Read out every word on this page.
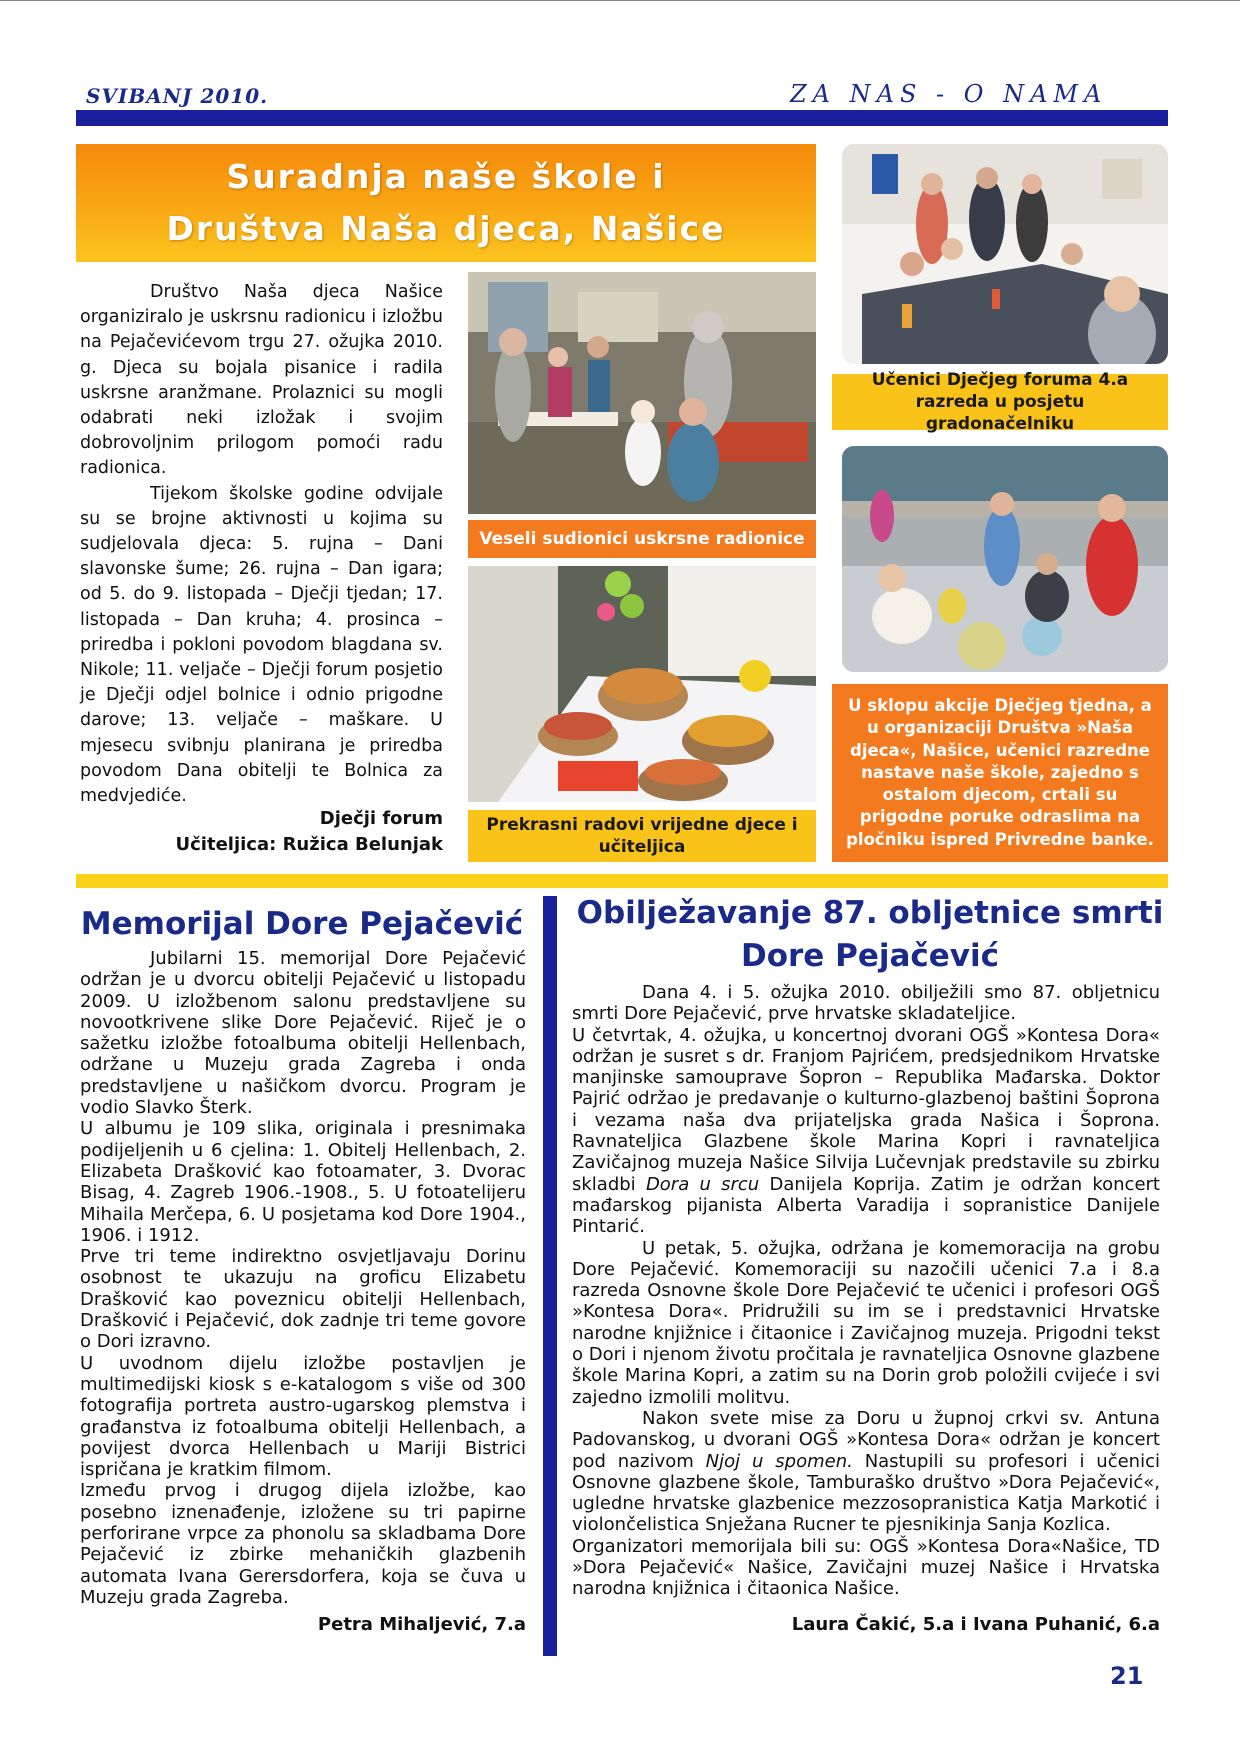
SVIBANJ 2010.	ZA NAS - O NAMA
Suradnja naše škole i
Društva Naša djeca, Našice

Društvo Naša djeca Našice organiziralo je uskrsnu radionicu i izložbu na Pejačevićevom trgu 27. ožujka 2010. g. Djeca su bojala pisanice i radila uskrsne aranžmane. Prolaznici su mogli odabrati neki izložak i svojim dobrovoljnim prilogom pomoći radu radionica.

Tijekom školske godine odvijale su se brojne aktivnosti u kojima su sudjelovala djeca: 5. rujna – Dani slavonske šume; 26. rujna – Dan igara; od 5. do 9. listopada – Dječji tjedan; 17. listopada – Dan kruha; 4. prosinca – priredba i pokloni povodom blagdana sv. Nikole; 11. veljače – Dječji forum posjetio je Dječji odjel bolnice i odnio prigodne darove; 13. veljače – maškare. U mjesecu svibnju planirana je priredba povodom Dana obitelji te Bolnica za medvjediće.

Dječji forum
Učiteljica: Ružica Belunjak
Veseli sudionici uskrsne radionice
Prekrasni radovi vrijedne djece i učiteljica
Učenici Dječjeg foruma 4.a razreda u posjetu gradonačelniku
U sklopu akcije Dječjeg tjedna, a u organizaciji Društva »Naša djeca«, Našice, učenici razredne nastave naše škole, zajedno s ostalom djecom, crtali su prigodne poruke odraslima na pločniku ispred Privredne banke.
Memorijal Dore Pejačević

Jubilarni 15. memorijal Dore Pejačević održan je u dvorcu obitelji Pejačević u listopadu 2009. U izložbenom salonu predstavljene su novootkrivene slike Dore Pejačević. Riječ je o sažetku izložbe fotoalbuma obitelji Hellenbach, održane u Muzeju grada Zagreba i onda predstavljene u našičkom dvorcu. Program je vodio Slavko Šterk.

U albumu je 109 slika, originala i presnimaka podijeljenih u 6 cjelina: 1. Obitelj Hellenbach, 2. Elizabeta Drašković kao fotoamater, 3. Dvorac Bisag, 4. Zagreb 1906.-1908., 5. U fotoatelijeru Mihaila Merčepa, 6. U posjetama kod Dore 1904., 1906. i 1912.

Prve tri teme indirektno osvjetljavaju Dorinu osobnost te ukazuju na groficu Elizabetu Drašković kao poveznicu obitelji Hellenbach, Drašković i Pejačević, dok zadnje tri teme govore o Dori izravno.

U uvodnom dijelu izložbe postavljen je multimedijski kiosk s e-katalogom s više od 300 fotografija portreta austro-ugarskog plemstva i građanstva iz fotoalbuma obitelji Hellenbach, a povijest dvorca Hellenbach u Mariji Bistrici ispričana je kratkim filmom.

Između prvog i drugog dijela izložbe, kao posebno iznenađenje, izložene su tri papirne perforirane vrpce za phonolu sa skladbama Dore Pejačević iz zbirke mehaničkih glazbenih automata Ivana Gerersdorfera, koja se čuva u Muzeju grada Zagreba.

Petra Mihaljević, 7.a
Obilježavanje 87. obljetnice smrti
Dore Pejačević

Dana 4. i 5. ožujka 2010. obilježili smo 87. obljetnicu smrti Dore Pejačević, prve hrvatske skladateljice.

U četvrtak, 4. ožujka, u koncertnoj dvorani OGŠ »Kontesa Dora« održan je susret s dr. Franjom Pajrićem, predsjednikom Hrvatske manjinske samouprave Šopron – Republika Mađarska. Doktor Pajrić održao je predavanje o kulturno-glazbenoj baštini Šoprona i vezama naša dva prijateljska grada Našica i Šoprona. Ravnateljica Glazbene škole Marina Kopri i ravnateljica Zavičajnog muzeja Našice Silvija Lučevnjak predstavile su zbirku skladbi Dora u srcu Danijela Koprija. Zatim je održan koncert mađarskog pijanista Alberta Varadija i sopranistice Danijele Pintarić.

U petak, 5. ožujka, održana je komemoracija na grobu Dore Pejačević. Komemoraciji su nazočili učenici 7.a i 8.a razreda Osnovne škole Dore Pejačević te učenici i profesori OGŠ »Kontesa Dora«. Pridružili su im se i predstavnici Hrvatske narodne knjižnice i čitaonice i Zavičajnog muzeja. Prigodni tekst o Dori i njenom životu pročitala je ravnateljica Osnovne glazbene škole Marina Kopri, a zatim su na Dorin grob položili cvijeće i svi zajedno izmolili molitvu.

Nakon svete mise za Doru u župnoj crkvi sv. Antuna Padovanskog, u dvorani OGŠ »Kontesa Dora« održan je koncert pod nazivom Njoj u spomen. Nastupili su profesori i učenici Osnovne glazbene škole, Tamburaško društvo »Dora Pejačević«, ugledne hrvatske glazbenice mezzosopranistica Katja Markotić i violončelistica Snježana Rucner te pjesnikinja Sanja Kozlica.

Organizatori memorijala bili su: OGŠ »Kontesa Dora«Našice, TD »Dora Pejačević« Našice, Zavičajni muzej Našice i Hrvatska narodna knjižnica i čitaonica Našice.

Laura Čakić, 5.a i Ivana Puhanić, 6.a
21
